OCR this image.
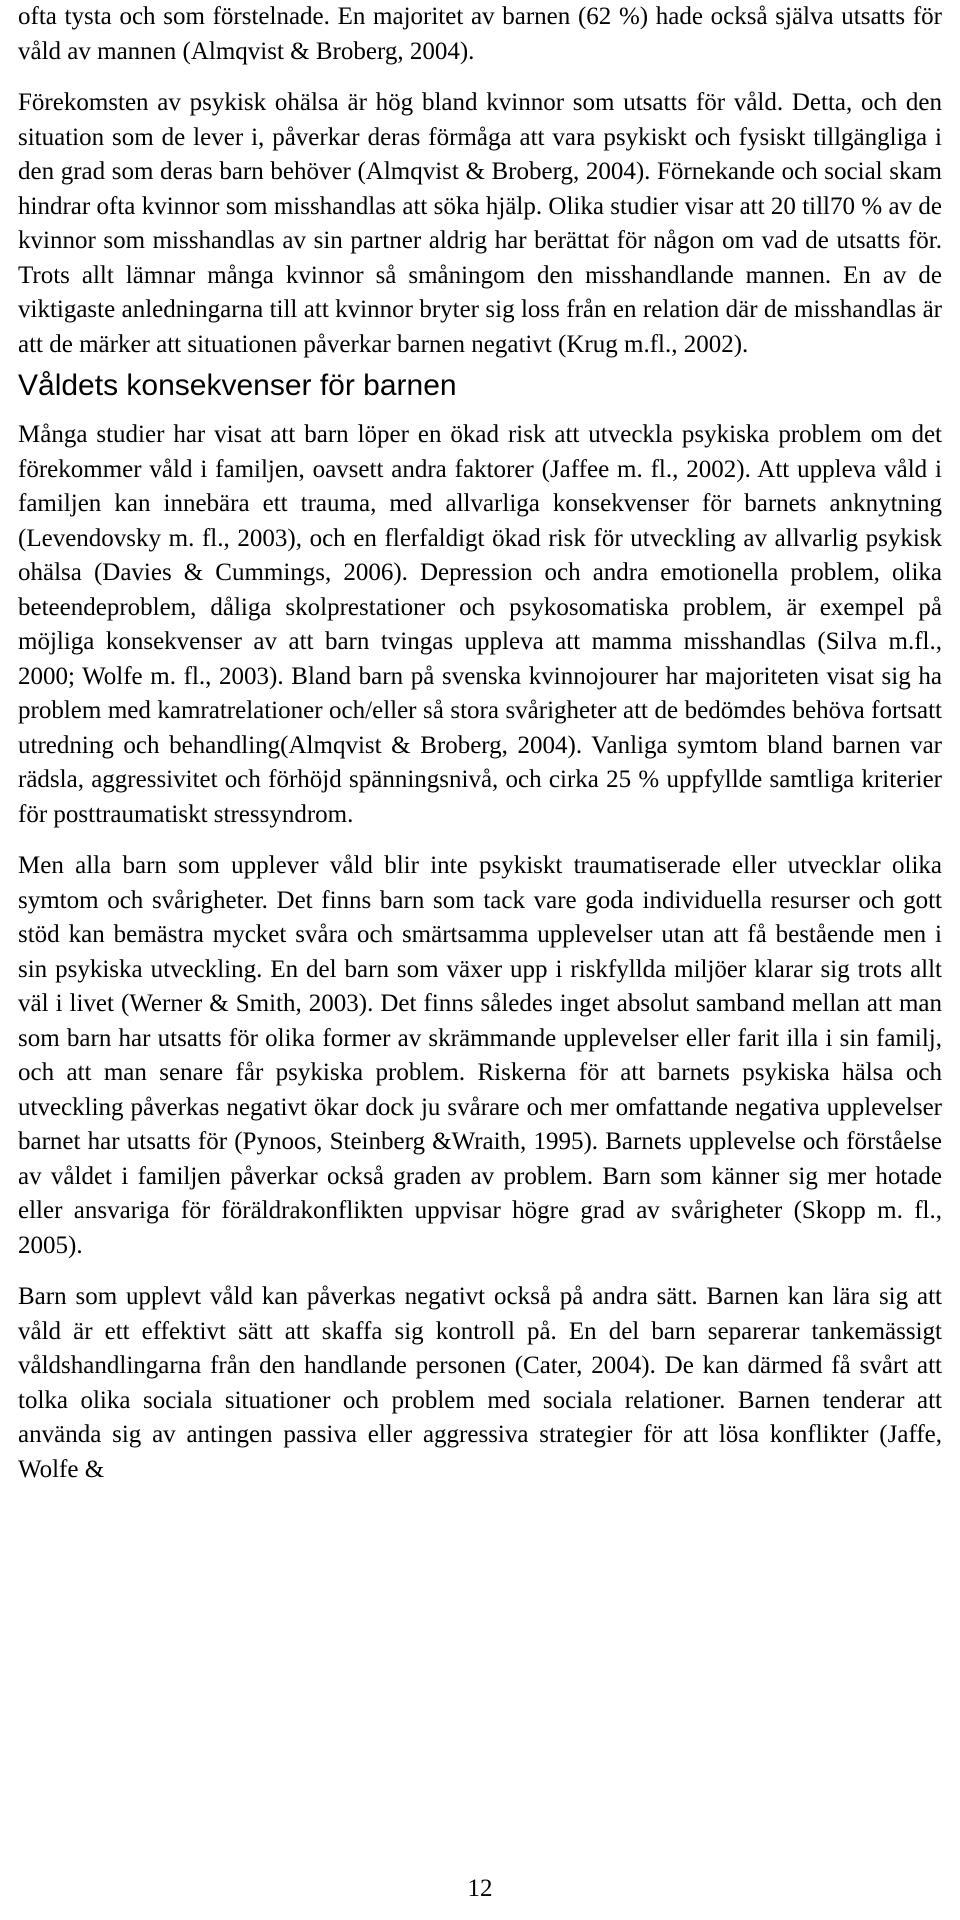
ofta tysta och som förstelnade. En majoritet av barnen (62 %) hade också själva utsatts för våld av mannen (Almqvist & Broberg, 2004).

Förekomsten av psykisk ohälsa är hög bland kvinnor som utsatts för våld. Detta, och den situation som de lever i, påverkar deras förmåga att vara psykiskt och fysiskt tillgängliga i den grad som deras barn behöver (Almqvist & Broberg, 2004). Förnekande och social skam hindrar ofta kvinnor som misshandlas att söka hjälp. Olika studier visar att 20 till70 % av de kvinnor som misshandlas av sin partner aldrig har berättat för någon om vad de utsatts för. Trots allt lämnar många kvinnor så småningom den misshandlande mannen. En av de viktigaste anledningarna till att kvinnor bryter sig loss från en relation där de misshandlas är att de märker att situationen påverkar barnen negativt (Krug m.fl., 2002).

Våldets konsekvenser för barnen

Många studier har visat att barn löper en ökad risk att utveckla psykiska problem om det förekommer våld i familjen, oavsett andra faktorer (Jaffee m. fl., 2002). Att uppleva våld i familjen kan innebära ett trauma, med allvarliga konsekvenser för barnets anknytning (Levendovsky m. fl., 2003), och en flerfaldigt ökad risk för utveckling av allvarlig psykisk ohälsa (Davies & Cummings, 2006). Depression och andra emotionella problem, olika beteendeproblem, dåliga skolprestationer och psykosomatiska problem, är exempel på möjliga konsekvenser av att barn tvingas uppleva att mamma misshandlas (Silva m.fl., 2000; Wolfe m. fl., 2003). Bland barn på svenska kvinnojourer har majoriteten visat sig ha problem med kamratrelationer och/eller så stora svårigheter att de bedömdes behöva fortsatt utredning och behandling(Almqvist & Broberg, 2004). Vanliga symtom bland barnen var rädsla, aggressivitet och förhöjd spänningsnivå, och cirka 25 % uppfyllde samtliga kriterier för posttraumatiskt stressyndrom.

Men alla barn som upplever våld blir inte psykiskt traumatiserade eller utvecklar olika symtom och svårigheter. Det finns barn som tack vare goda individuella resurser och gott stöd kan bemästra mycket svåra och smärtsamma upplevelser utan att få bestående men i sin psykiska utveckling. En del barn som växer upp i riskfyllda miljöer klarar sig trots allt väl i livet (Werner & Smith, 2003). Det finns således inget absolut samband mellan att man som barn har utsatts för olika former av skrämmande upplevelser eller farit illa i sin familj, och att man senare får psykiska problem. Riskerna för att barnets psykiska hälsa och utveckling påverkas negativt ökar dock ju svårare och mer omfattande negativa upplevelser barnet har utsatts för (Pynoos, Steinberg &Wraith, 1995). Barnets upplevelse och förståelse av våldet i familjen påverkar också graden av problem. Barn som känner sig mer hotade eller ansvariga för föräldrakonflikten uppvisar högre grad av svårigheter (Skopp m. fl., 2005).

Barn som upplevt våld kan påverkas negativt också på andra sätt. Barnen kan lära sig att våld är ett effektivt sätt att skaffa sig kontroll på. En del barn separerar tankemässigt våldshandlingarna från den handlande personen (Cater, 2004). De kan därmed få svårt att tolka olika sociala situationer och problem med sociala relationer. Barnen tenderar att använda sig av antingen passiva eller aggressiva strategier för att lösa konflikter (Jaffe, Wolfe &

12
